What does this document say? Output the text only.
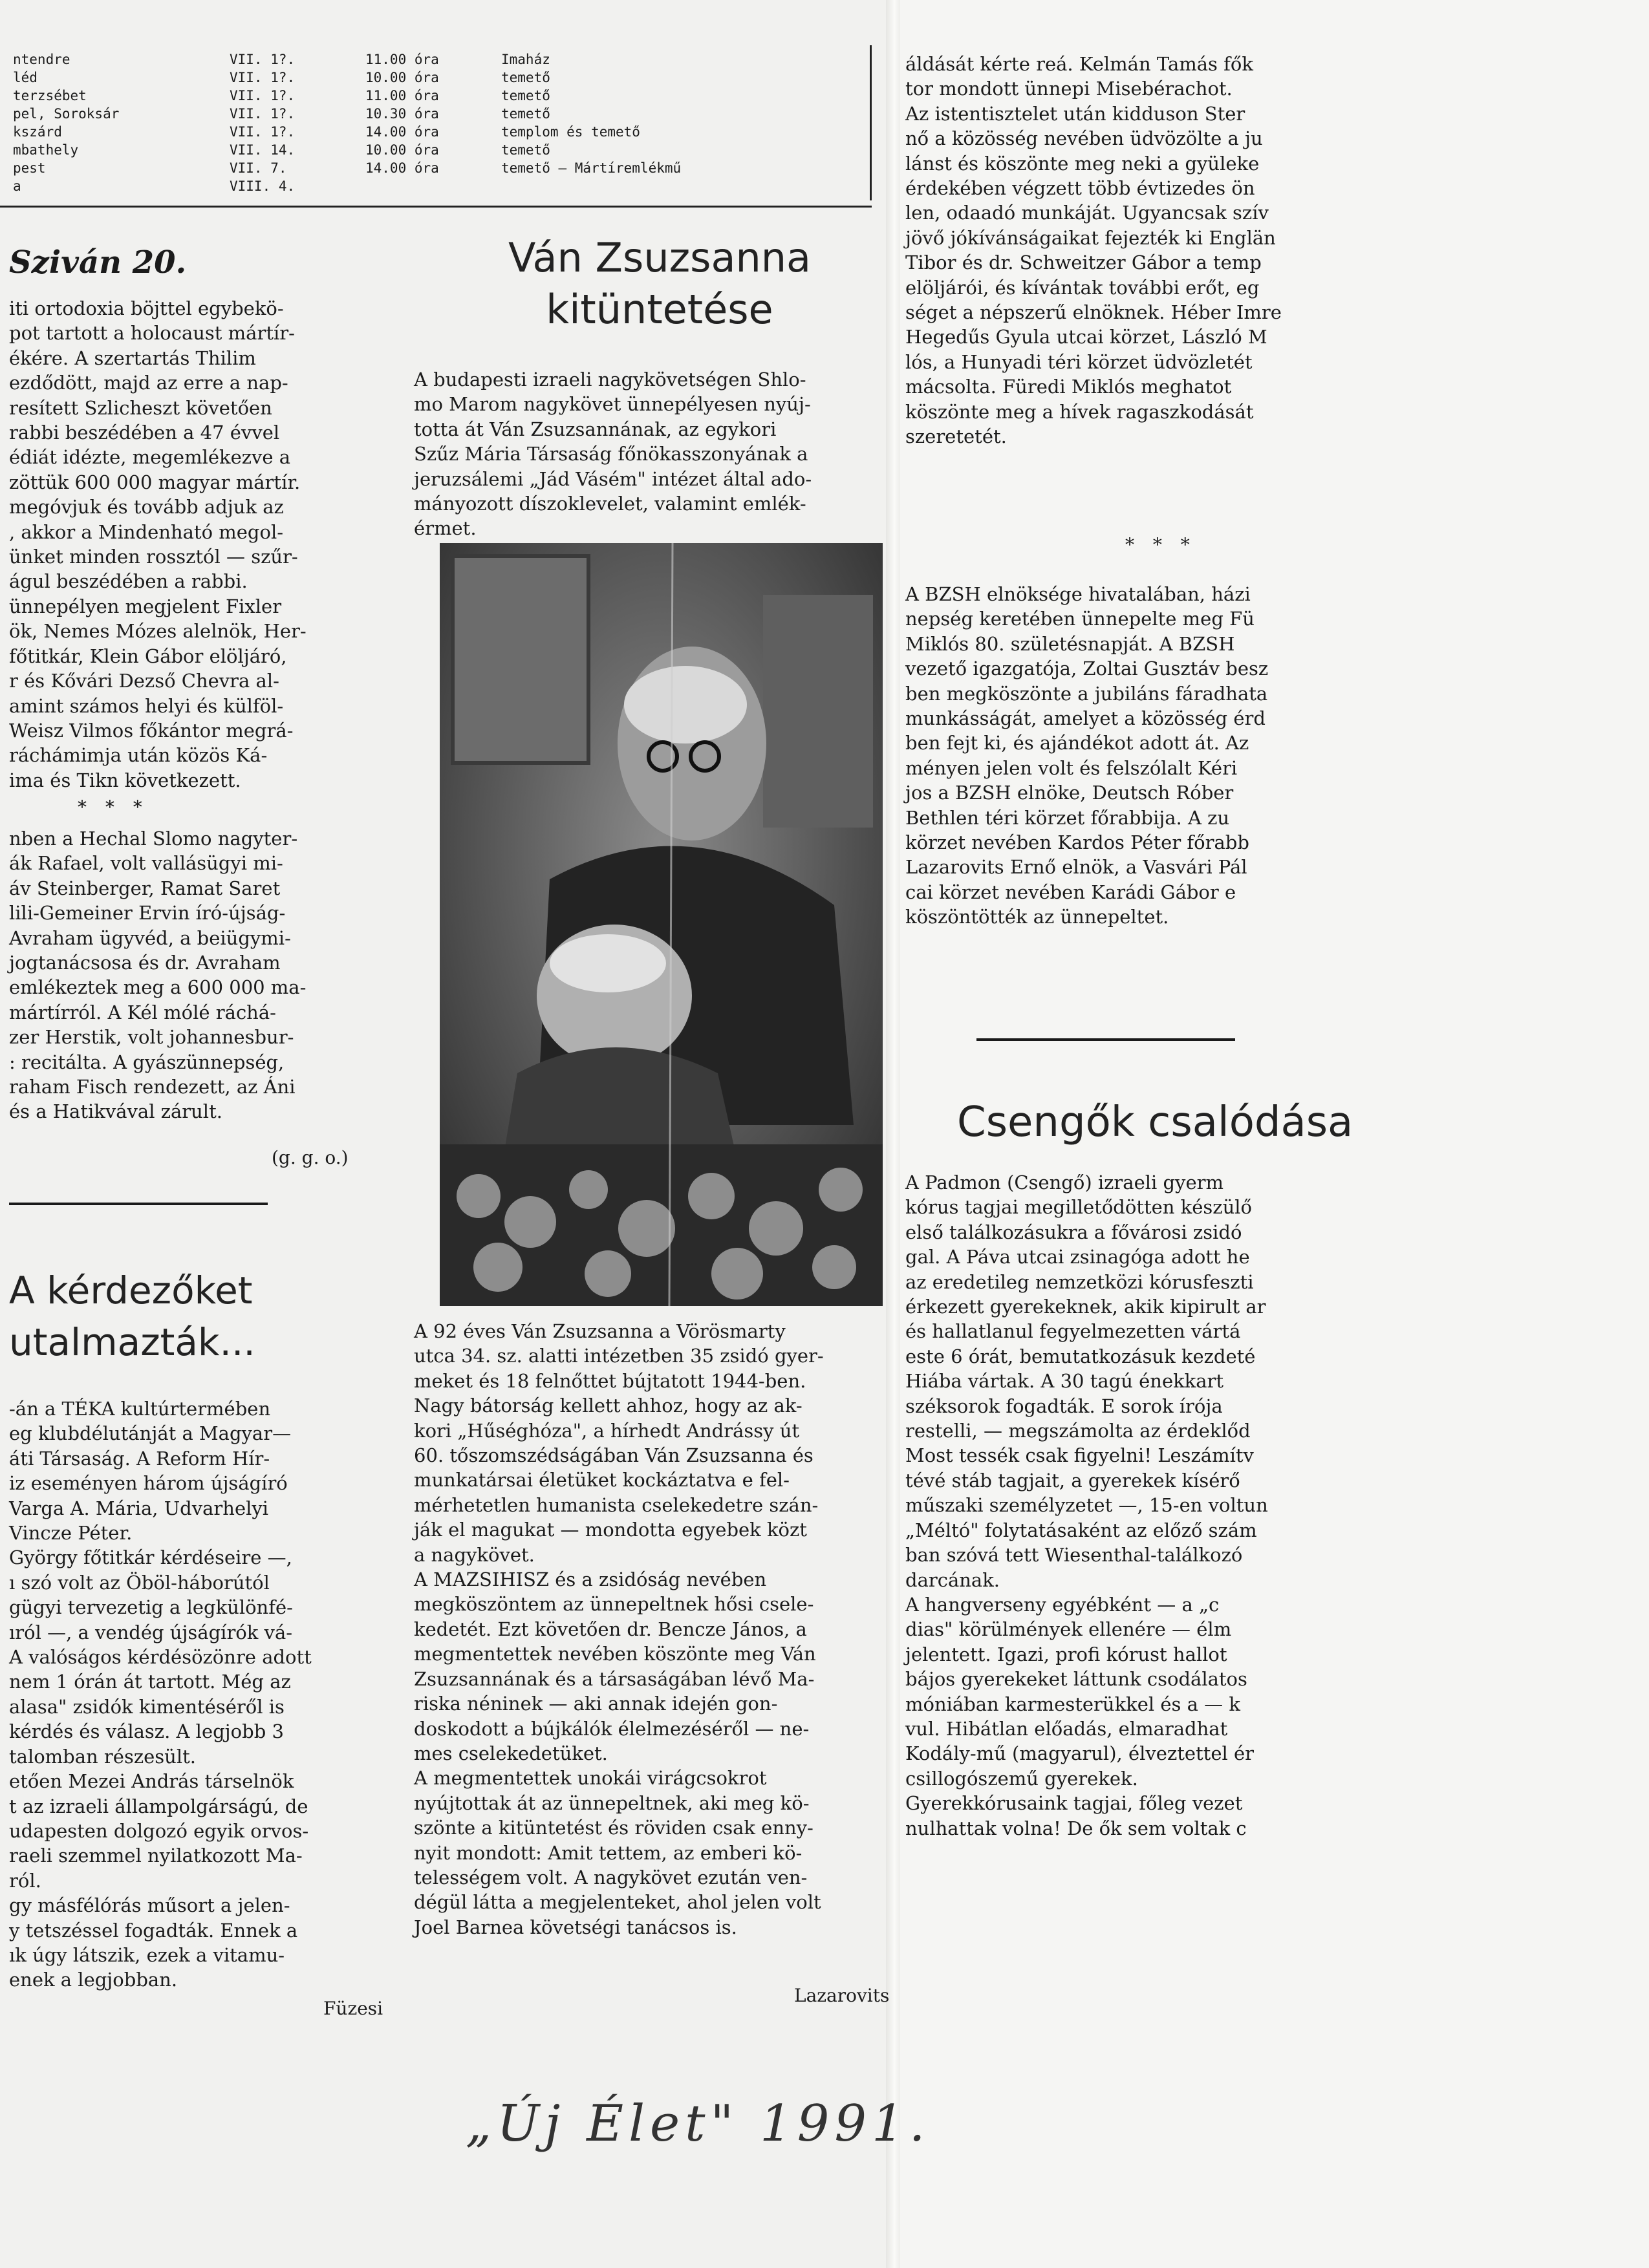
ntendre	VII. 1?.	11.00 óra	Imaház
léd	VII. 1?.	10.00 óra	temető
terzsébet	VII. 1?.	11.00 óra	temető
pel, Soroksár	VII. 1?.	10.30 óra	temető
kszárd	VII. 1?.	14.00 óra	templom és temető
mbathely	VII. 14.	10.00 óra	temető
pest	VII. 7.	14.00 óra	temető — Mártíremlékmű
a	VIII. 4.
Sziván 20.

iti ortodoxia böjttel egybekö-

pot tartott a holocaust mártír-

ékére. A szertartás Thilim

ezdődött, majd az erre a nap-

resített Szlicheszt követően

rabbi beszédében a 47 évvel

édiát idézte, megemlékezve a

zöttük 600 000 magyar mártír.

megóvjuk és tovább adjuk az

, akkor a Mindenható megol-

ünket minden rossztól — szűr-

águl beszédében a rabbi.

ünnepélyen megjelent Fixler

ök, Nemes Mózes alelnök, Her-

főtitkár, Klein Gábor elöljáró,

r és Kővári Dezső Chevra al-

amint számos helyi és külföl-

Weisz Vilmos főkántor megrá-

ráchámimja után közös Ká-

ima és Tikn következett.

* * *

nben a Hechal Slomo nagyter-

ák Rafael, volt vallásügyi mi-

áv Steinberger, Ramat Saret

lili-Gemeiner Ervin író-újság-

Avraham ügyvéd, a beiügymi-

jogtanácsosa és dr. Avraham

emlékeztek meg a 600 000 ma-

mártírról. A Kél mólé ráchá-

zer Herstik, volt johannesbur-

: recitálta. A gyászünnepség,

raham Fisch rendezett, az Áni

és a Hatikvával zárult.

(g. g. o.)
A kérdezőket
utalmazták...

-án a TÉKA kultúrtermében

eg klubdélutánját a Magyar—

áti Társaság. A Reform Hír-

iz eseményen három újságíró

Varga A. Mária, Udvarhelyi

Vincze Péter.

György főtitkár kérdéseire —,

ı szó volt az Öböl-háborútól

gügyi tervezetig a legkülönfé-

ıról —, a vendég újságírók vá-

A valóságos kérdésözönre adott

nem 1 órán át tartott. Még az

alasa" zsidók kimentéséről is

kérdés és válasz. A legjobb 3

talomban részesült.

etően Mezei András társelnök

t az izraeli állampolgárságú, de

udapesten dolgozó egyik orvos-

raeli szemmel nyilatkozott Ma-

ról.

gy másfélórás műsort a jelen-

y tetszéssel fogadták. Ennek a

ık úgy látszik, ezek a vitamu-

enek a legjobban.

Füzesi
Ván Zsuzsanna
kitüntetése

A budapesti izraeli nagykövetségen Shlo-

mo Marom nagykövet ünnepélyesen nyúj-

totta át Ván Zsuzsannának, az egykori

Szűz Mária Társaság főnökasszonyának a

jeruzsálemi „Jád Vásém" intézet által ado-

mányozott díszoklevelet, valamint emlék-

érmet.

A 92 éves Ván Zsuzsanna a Vörösmarty

utca 34. sz. alatti intézetben 35 zsidó gyer-

meket és 18 felnőttet bújtatott 1944-ben.

Nagy bátorság kellett ahhoz, hogy az ak-

kori „Hűséghóza", a hírhedt Andrássy út

60. tőszomszédságában Ván Zsuzsanna és

munkatársai életüket kockáztatva e fel-

mérhetetlen humanista cselekedetre szán-

ják el magukat — mondotta egyebek közt

a nagykövet.

A MAZSIHISZ és a zsidóság nevében

megköszöntem az ünnepeltnek hősi csele-

kedetét. Ezt követően dr. Bencze János, a

megmentettek nevében köszönte meg Ván

Zsuzsannának és a társaságában lévő Ma-

riska néninek — aki annak idején gon-

doskodott a bújkálók élelmezéséről — ne-

mes cselekedetüket.

A megmentettek unokái virágcsokrot

nyújtottak át az ünnepeltnek, aki meg kö-

szönte a kitüntetést és röviden csak enny-

nyit mondott: Amit tettem, az emberi kö-

telességem volt. A nagykövet ezután ven-

dégül látta a megjelenteket, ahol jelen volt

Joel Barnea követségi tanácsos is.

Lazarovits

áldását kérte reá. Kelmán Tamás fők

tor mondott ünnepi Misebérachot.

Az istentisztelet után kidduson Ster

nő a közösség nevében üdvözölte a ju

lánst és köszönte meg neki a gyüleke

érdekében végzett több évtizedes ön

len, odaadó munkáját. Ugyancsak szív

jövő jókívánságaikat fejezték ki Englän

Tibor és dr. Schweitzer Gábor a temp

elöljárói, és kívántak további erőt, eg

séget a népszerű elnöknek. Héber Imre

Hegedűs Gyula utcai körzet, László M

lós, a Hunyadi téri körzet üdvözletét

mácsolta. Füredi Miklós meghatot

köszönte meg a hívek ragaszkodását

szeretetét.

* * *

A BZSH elnöksége hivatalában, házi

nepség keretében ünnepelte meg Fü

Miklós 80. születésnapját. A BZSH

vezető igazgatója, Zoltai Gusztáv besz

ben megköszönte a jubiláns fáradhata

munkásságát, amelyet a közösség érd

ben fejt ki, és ajándékot adott át. Az

ményen jelen volt és felszólalt Kéri

jos a BZSH elnöke, Deutsch Róber

Bethlen téri körzet főrabbija. A zu

körzet nevében Kardos Péter főrabb

Lazarovits Ernő elnök, a Vasvári Pál

cai körzet nevében Karádi Gábor e

köszöntötték az ünnepeltet.

Csengők csalódása

A Padmon (Csengő) izraeli gyerm

kórus tagjai megilletődötten készülő

első találkozásukra a fővárosi zsidó

gal. A Páva utcai zsinagóga adott he

az eredetileg nemzetközi kórusfeszti

érkezett gyerekeknek, akik kipirult ar

és hallatlanul fegyelmezetten vártá

este 6 órát, bemutatkozásuk kezdeté

Hiába vártak. A 30 tagú énekkart

széksorok fogadták. E sorok írója

restelli, — megszámolta az érdeklőd

Most tessék csak figyelni! Leszámítv

tévé stáb tagjait, a gyerekek kísérő

műszaki személyzetet —, 15-en voltun

„Méltó" folytatásaként az előző szám

ban szóvá tett Wiesenthal-találkozó

darcának.

A hangverseny egyébként — a „c

dias" körülmények ellenére — élm

jelentett. Igazi, profi kórust hallot

bájos gyerekeket láttunk csodálatos

móniában karmesterükkel és a — k

vul. Hibátlan előadás, elmaradhat

Kodály-mű (magyarul), élveztettel ér

csillogószemű gyerekek.

Gyerekkórusaink tagjai, főleg vezet

nulhattak volna! De ők sem voltak c

„Új Élet" 1991.
